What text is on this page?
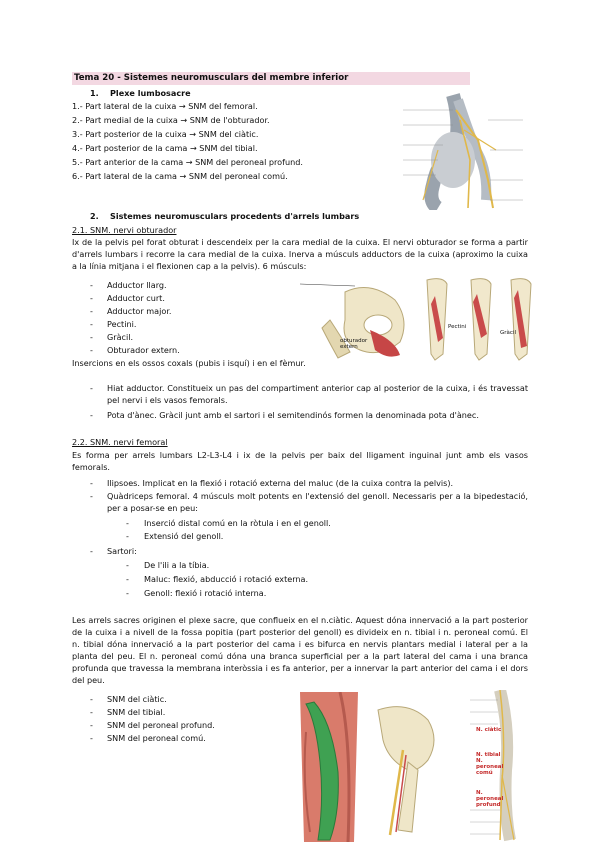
Tema 20 - Sistemes neuromusculars del membre inferior
1. Plexe lumbosacre
1.- Part lateral de la cuixa → SNM del femoral.
2.- Part medial de la cuixa → SNM de l'obturador.
3.- Part posterior de la cuixa → SNM del ciàtic.
4.- Part posterior de la cama → SNM del tibial.
5.- Part anterior de la cama → SNM del peroneal profund.
6.- Part lateral de la cama → SNM del peroneal comú.
2. Sistemes neuromusculars procedents d'arrels lumbars
2.1. SNM. nervi obturador
Ix de la pelvis pel forat obturat i descendeix per la cara medial de la cuixa. El nervi obturador se forma a partir d'arrels lumbars i recorre la cara medial de la cuixa. Inerva a músculs adductors de la cuixa (aproximo la cuixa a la línia mitjana i el flexionen cap a la pelvis). 6 músculs:
- Adductor llarg.
- Adductor curt.
- Adductor major.
- Pectini.
- Gràcil.
- Obturador extern.
obturador extern
Pectini
Gràcil
Insercions en els ossos coxals (pubis i isquí) i en el fèmur.
- Hiat adductor. Constitueix un pas del compartiment anterior cap al posterior de la cuixa, i és travessat pel nervi i els vasos femorals.
- Pota d'ànec. Gràcil junt amb el sartori i el semitendinós formen la denominada pota d'ànec.
2.2. SNM. nervi femoral
Es forma per arrels lumbars L2-L3-L4 i ix de la pelvis per baix del lligament inguinal junt amb els vasos femorals.
- Ilipsoes. Implicat en la flexió i rotació externa del maluc (de la cuixa contra la pelvis).
- Quàdriceps femoral. 4 músculs molt potents en l'extensió del genoll. Necessaris per a la bipedestació, per a posar-se en peu:
- Inserció distal comú en la ròtula i en el genoll.
- Extensió del genoll.
- Sartori:
- De l'ili a la tíbia.
- Maluc: flexió, abducció i rotació externa.
- Genoll: flexió i rotació interna.
Les arrels sacres originen el plexe sacre, que conflueix en el n.ciàtic. Aquest dóna innervació a la part posterior de la cuixa i a nivell de la fossa popitia (part posterior del genoll) es divideix en n. tibial i n. peroneal comú. El n. tibial dóna innervació a la part posterior del cama i es bifurca en nervis plantars medial i lateral per a la planta del peu. El n. peroneal comú dóna una branca superficial per a la part lateral del cama i una branca profunda que travessa la membrana interòssia i es fa anterior, per a innervar la part anterior del cama i el dors del peu.
- SNM del ciàtic.
- SNM del tibial.
- SNM del peroneal profund.
- SNM del peroneal comú.
N. ciàtic
N. tibial N. peroneal comú
N. peroneal profund
